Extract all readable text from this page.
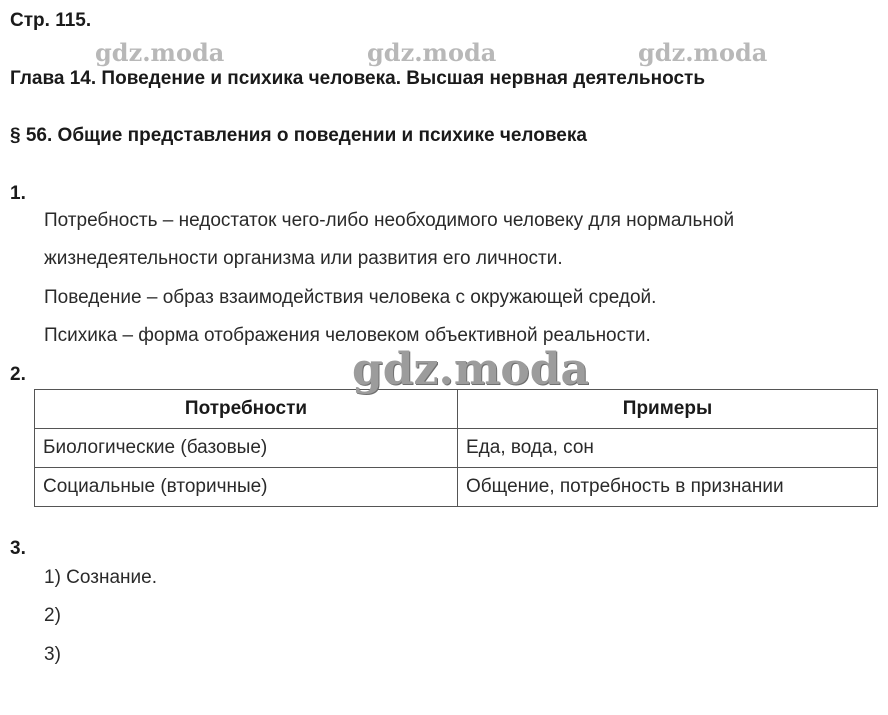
Стр. 115.
gdz.moda	gdz.moda	gdz.moda
Глава 14. Поведение и психика человека. Высшая нервная деятельность
§ 56. Общие представления о поведении и психике человека
1.
Потребность – недостаток чего-либо необходимого человеку для нормальной
жизнедеятельности организма или развития его личности.
Поведение – образ взаимодействия человека с окружающей средой.
Психика – форма отображения человеком объективной реальности.
2.
Потребности	Примеры
Биологические (базовые)	Еда, вода, сон
Социальные (вторичные)	Общение, потребность в признании
gdz.moda
3.
1) Сознание.
2)
3)
